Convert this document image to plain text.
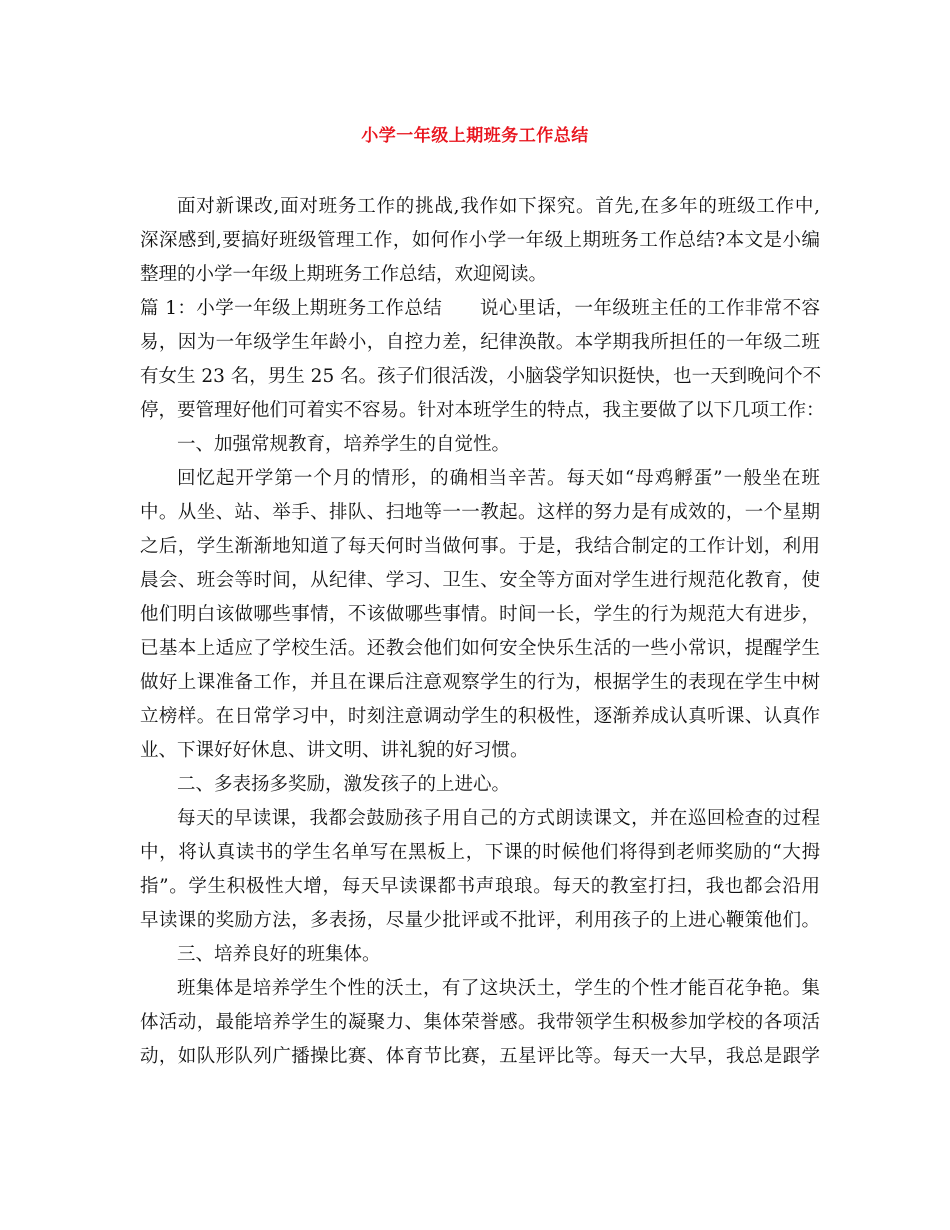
小学一年级上期班务工作总结
面对新课改,面对班务工作的挑战,我作如下探究。首先,在多年的班级工作中,
深深感到,要搞好班级管理工作，如何作小学一年级上期班务工作总结?本文是小编
整理的小学一年级上期班务工作总结，欢迎阅读。
篇 1：小学一年级上期班务工作总结　　说心里话，一年级班主任的工作非常不容
易，因为一年级学生年龄小，自控力差，纪律涣散。本学期我所担任的一年级二班
有女生 23 名，男生 25 名。孩子们很活泼，小脑袋学知识挺快，也一天到晚问个不
停，要管理好他们可着实不容易。针对本班学生的特点，我主要做了以下几项工作：
一、加强常规教育，培养学生的自觉性。
回忆起开学第一个月的情形，的确相当辛苦。每天如“母鸡孵蛋”一般坐在班
中。从坐、站、举手、排队、扫地等一一教起。这样的努力是有成效的，一个星期
之后，学生渐渐地知道了每天何时当做何事。于是，我结合制定的工作计划，利用
晨会、班会等时间，从纪律、学习、卫生、安全等方面对学生进行规范化教育，使
他们明白该做哪些事情，不该做哪些事情。时间一长，学生的行为规范大有进步，
已基本上适应了学校生活。还教会他们如何安全快乐生活的一些小常识，提醒学生
做好上课准备工作，并且在课后注意观察学生的行为，根据学生的表现在学生中树
立榜样。在日常学习中，时刻注意调动学生的积极性，逐渐养成认真听课、认真作
业、下课好好休息、讲文明、讲礼貌的好习惯。
二、多表扬多奖励，激发孩子的上进心。
每天的早读课，我都会鼓励孩子用自己的方式朗读课文，并在巡回检查的过程
中，将认真读书的学生名单写在黑板上，下课的时候他们将得到老师奖励的“大拇
指”。学生积极性大增，每天早读课都书声琅琅。每天的教室打扫，我也都会沿用
早读课的奖励方法，多表扬，尽量少批评或不批评，利用孩子的上进心鞭策他们。
三、培养良好的班集体。
班集体是培养学生个性的沃土，有了这块沃土，学生的个性才能百花争艳。集
体活动，最能培养学生的凝聚力、集体荣誉感。我带领学生积极参加学校的各项活
动，如队形队列广播操比赛、体育节比赛，五星评比等。每天一大早，我总是跟学
